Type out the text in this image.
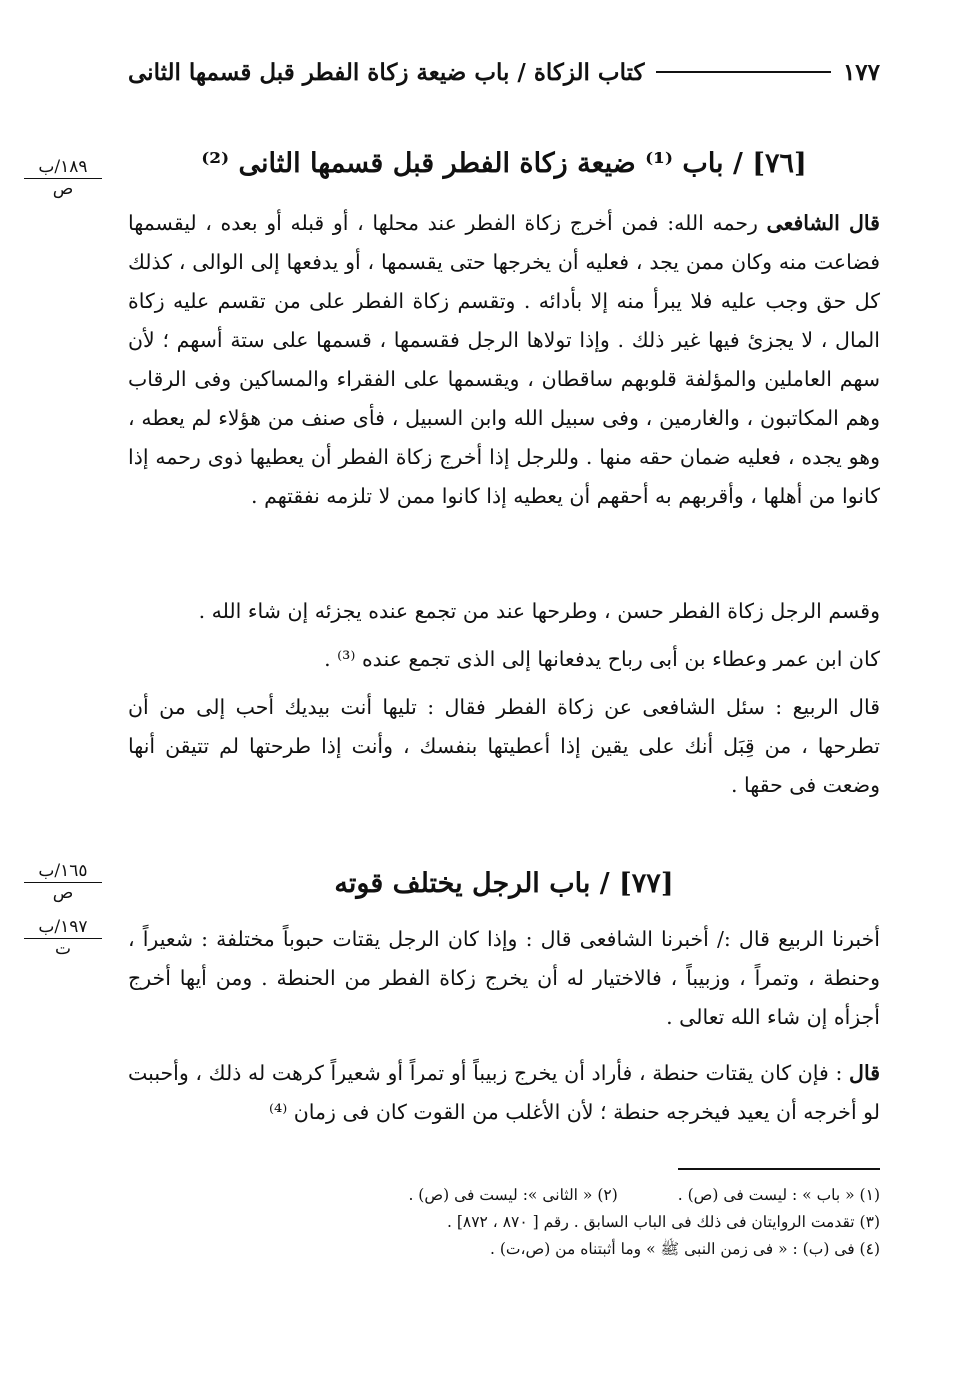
كتاب الزكاة / باب ضيعة زكاة الفطر قبل قسمها الثانى	١٧٧
١٨٩/ب
ص
[٧٦] / باب ⁽¹⁾ ضيعة زكاة الفطر قبل قسمها الثانى ⁽²⁾
قال الشافعى رحمه الله: فمن أخرج زكاة الفطر عند محلها ، أو قبله أو بعده ، ليقسمها فضاعت منه وكان ممن يجد ، فعليه أن يخرجها حتى يقسمها ، أو يدفعها إلى الوالى ، كذلك كل حق وجب عليه فلا يبرأ منه إلا بأدائه . وتقسم زكاة الفطر على من تقسم عليه زكاة المال ، لا يجزئ فيها غير ذلك . وإذا تولاها الرجل فقسمها ، قسمها على ستة أسهم ؛ لأن سهم العاملين والمؤلفة قلوبهم ساقطان ، ويقسمها على الفقراء والمساكين وفى الرقاب وهم المكاتبون ، والغارمين ، وفى سبيل الله وابن السبيل ، فأى صنف من هؤلاء لم يعطه ، وهو يجده ، فعليه ضمان حقه منها . وللرجل إذا أخرج زكاة الفطر أن يعطيها ذوى رحمه إذا كانوا من أهلها ، وأقربهم به أحقهم أن يعطيه إذا كانوا ممن لا تلزمه نفقتهم .
وقسم الرجل زكاة الفطر حسن ، وطرحها عند من تجمع عنده يجزئه إن شاء الله .
كان ابن عمر وعطاء بن أبى رباح يدفعانها إلى الذى تجمع عنده ⁽³⁾ .
قال الربيع : سئل الشافعى عن زكاة الفطر فقال : تليها أنت بيديك أحب إلى من أن تطرحها ، من قِبَل أنك على يقين إذا أعطيتها بنفسك ، وأنت إذا طرحتها لم تتيقن أنها وضعت فى حقها .
١٦٥/ب
ص
١٩٧/ب
ت
[٧٧] / باب الرجل يختلف قوته
أخبرنا الربيع قال :/ أخبرنا الشافعى قال : وإذا كان الرجل يقتات حبوباً مختلفة : شعيراً ، وحنطة ، وتمراً ، وزبيباً ، فالاختيار له أن يخرج زكاة الفطر من الحنطة . ومن أيها أخرج أجزأه إن شاء الله تعالى .
قال : فإن كان يقتات حنطة ، فأراد أن يخرج زبيباً أو تمراً أو شعيراً كرهت له ذلك ، وأحببت لو أخرجه أن يعيد فيخرجه حنطة ؛ لأن الأغلب من القوت كان فى زمان ⁽⁴⁾
(١) « باب » : ليست فى (ص) .
(٢) « الثانى »: ليست فى (ص) .
(٣) تقدمت الروايتان فى ذلك فى الباب السابق . رقم [ ٨٧٠ ، ٨٧٢] .
(٤) فى (ب) : « فى زمن النبى ﷺ » وما أثبتناه من (ص،ت) .
